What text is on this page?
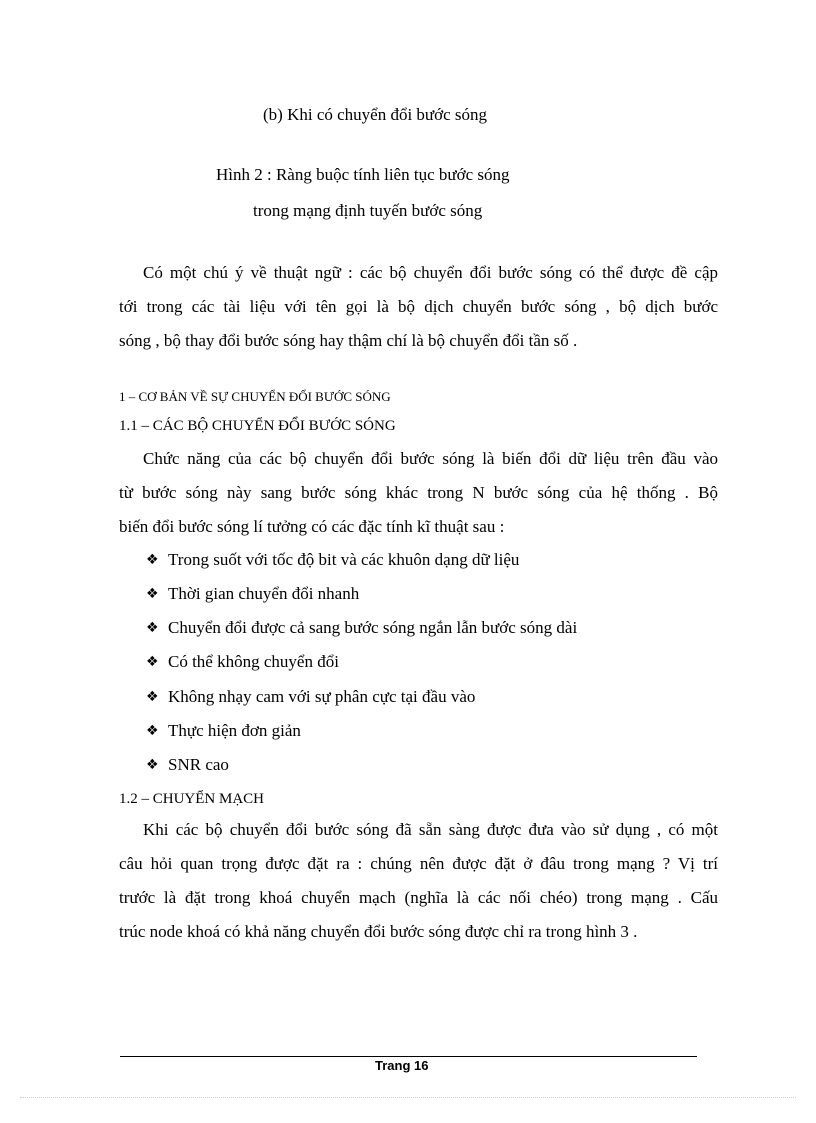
(b) Khi có chuyển đổi bước sóng
Hình 2 : Ràng buộc tính liên tục bước sóng
trong mạng định tuyến bước sóng
Có một chú ý về thuật ngữ : các bộ chuyển đổi bước sóng có thể được đề cập
tới trong các tài liệu với tên gọi là bộ dịch chuyển bước sóng , bộ dịch bước
sóng , bộ thay đổi bước sóng hay thậm chí là bộ chuyển đổi tần số .
1 – CƠ BẢN VỀ SỰ CHUYỂN ĐỔI BƯỚC SÓNG
1.1 – CÁC BỘ CHUYỂN ĐỔI BƯỚC SÓNG
Chức năng của các bộ chuyển đổi bước sóng là biến đổi dữ liệu trên đầu vào
từ bước sóng này sang bước sóng khác trong N bước sóng của hệ thống . Bộ
biến đổi bước sóng lí tưởng có các đặc tính kĩ thuật sau :
❖ Trong suốt với tốc độ bit và các khuôn dạng dữ liệu
❖ Thời gian chuyển đổi nhanh
❖ Chuyển đổi được cả sang bước sóng ngắn lẫn bước sóng dài
❖ Có thể không chuyển đổi
❖ Không nhạy cam với sự phân cực tại đầu vào
❖ Thực hiện đơn giản
❖ SNR cao
1.2 – CHUYỂN MẠCH
Khi các bộ chuyển đổi bước sóng đã sẵn sàng được đưa vào sử dụng , có một
câu hỏi quan trọng được đặt ra : chúng nên được đặt ở đâu trong mạng ? Vị trí
trước là đặt trong khoá chuyển mạch (nghĩa là các nối chéo) trong mạng . Cấu
trúc node khoá có khả năng chuyển đổi bước sóng được chỉ ra trong hình 3 .
Trang 16
